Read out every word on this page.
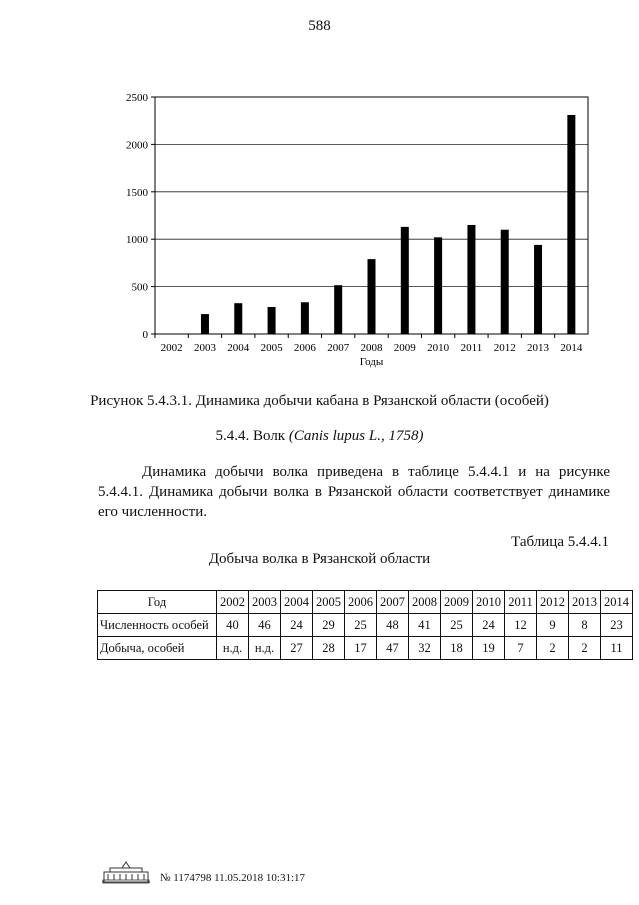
588
0
500
1000
1500
2000
2500
2002 2003 2004 2005 2006 2007 2008 2009 2010 2011 2012 2013 2014
Годы
Рисунок 5.4.3.1. Динамика добычи кабана в Рязанской области (особей)
5.4.4. Волк (Canis lupus L., 1758)
Динамика добычи волка приведена в таблице 5.4.4.1 и на рисунке 5.4.4.1. Динамика добычи волка в Рязанской области соответствует динамике его численности.
Таблица 5.4.4.1
Добыча волка в Рязанской области
Год	2002	2003	2004	2005	2006	2007	2008	2009	2010	2011	2012	2013	2014
Численность особей	40	46	24	29	25	48	41	25	24	12	9	8	23
Добыча, особей	н.д.	н.д.	27	28	17	47	32	18	19	7	2	2	11
№ 1174798 11.05.2018 10:31:17
